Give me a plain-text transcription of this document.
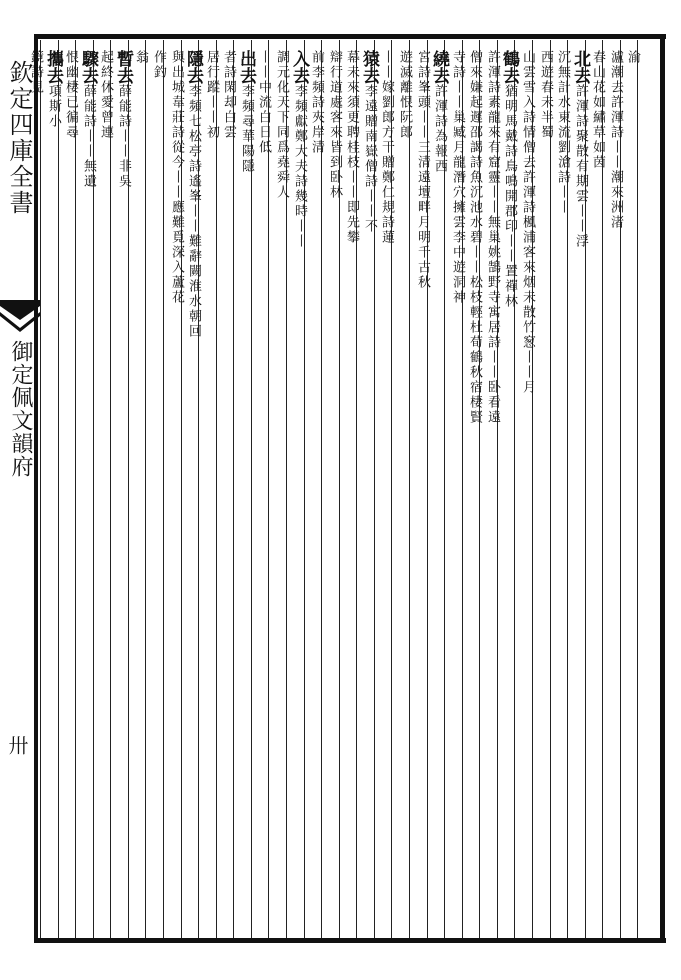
欽定四庫全書
御定佩文韻府
卅
渝
瀘潮去許渾詩丨丨潮來洲渚
春山花如繡草如茵
北去許渾詩聚散有期雲丨丨浮
沉無計水東流劉滄詩丨丨
西遊春未半蜀
山雲雪入詩情僧去許渾詩楓浦客來烟未散竹䆫丨丨月
鶴去猶明馬戴詩鳥鳴開郡印丨丨置禪林
許渾詩素龍來有窟靈丨丨無巢姚鵠野寺寓居詩丨丨卧看遠
僧來嫌起遲邵謁詩魚沉池水碧丨丨松枝輕杜荀鶴秋宿棲賢
寺詩丨丨巢臧月龍潛穴擁雲李中遊洞神
繞去許渾詩為報西
宮詩峯頭丨丨三清遠壇畔月明千古秋
遊滅離恨阮郎
丨丨嫁劉郎方干贈鄭仁規詩蓮
猿去李遠贈南嶽僧詩丨丨不
幕未來須更聘桂枝丨丨即先攀
辯行道處客來皆到卧林
前李頻詩夾岸清
入去李頻獻鄭大夫詩幾時丨丨
調元化天下同爲堯舜人
丨丨中流白日低
出去李頻尋華陽隱
者詩閑却白雲
居行蹤丨丨初
隱去李頻七松亭詩遙峯丨丨難辭闕淮水朝回
與出城韋莊詩從今丨丨應難覓深入蘆花
作釣
翁
暫去薛能詩丨丨非吳
起終休愛曾連
驟去薛能詩丨丨無遺
恨幽棲已徧尋
攜去項斯小
鏡詩見
